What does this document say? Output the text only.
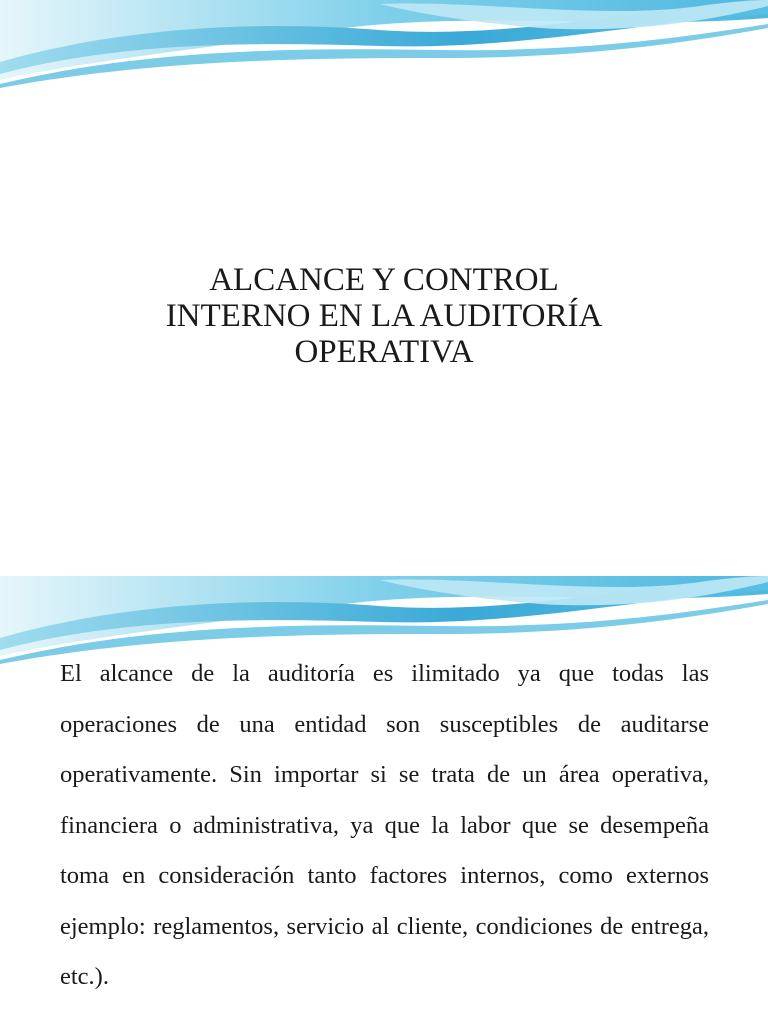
ALCANCE Y CONTROL
INTERNO EN LA AUDITORÍA
OPERATIVA

El alcance de la auditoría es ilimitado ya que todas las operaciones de una entidad son susceptibles de auditarse operativamente. Sin importar si se trata de un área operativa, financiera o administrativa, ya que la labor que se desempeña toma en consideración tanto factores internos, como externos ejemplo: reglamentos, servicio al cliente, condiciones de entrega, etc.).
